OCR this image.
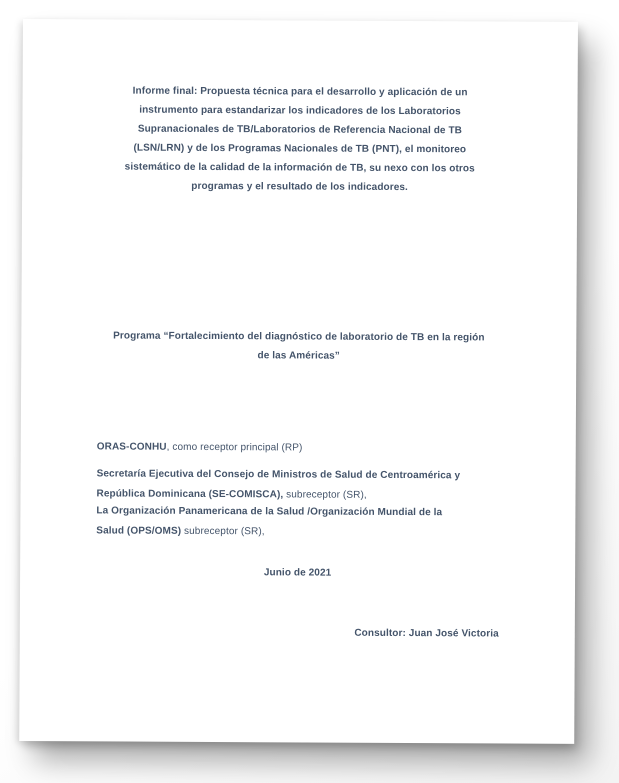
Informe final: Propuesta técnica para el desarrollo y aplicación de un
instrumento para estandarizar los indicadores de los Laboratorios
Supranacionales de TB/Laboratorios de Referencia Nacional de TB
(LSN/LRN) y de los Programas Nacionales de TB (PNT), el monitoreo
sistemático de la calidad de la información de TB, su nexo con los otros
programas y el resultado de los indicadores.
Programa “Fortalecimiento del diagnóstico de laboratorio de TB en la región
de las Américas”
ORAS-CONHU, como receptor principal (RP)
Secretaría Ejecutiva del Consejo de Ministros de Salud de Centroamérica y
República Dominicana (SE-COMISCA), subreceptor (SR),
La Organización Panamericana de la Salud /Organización Mundial de la
Salud (OPS/OMS) subreceptor (SR),
Junio de 2021
Consultor: Juan José Victoria
